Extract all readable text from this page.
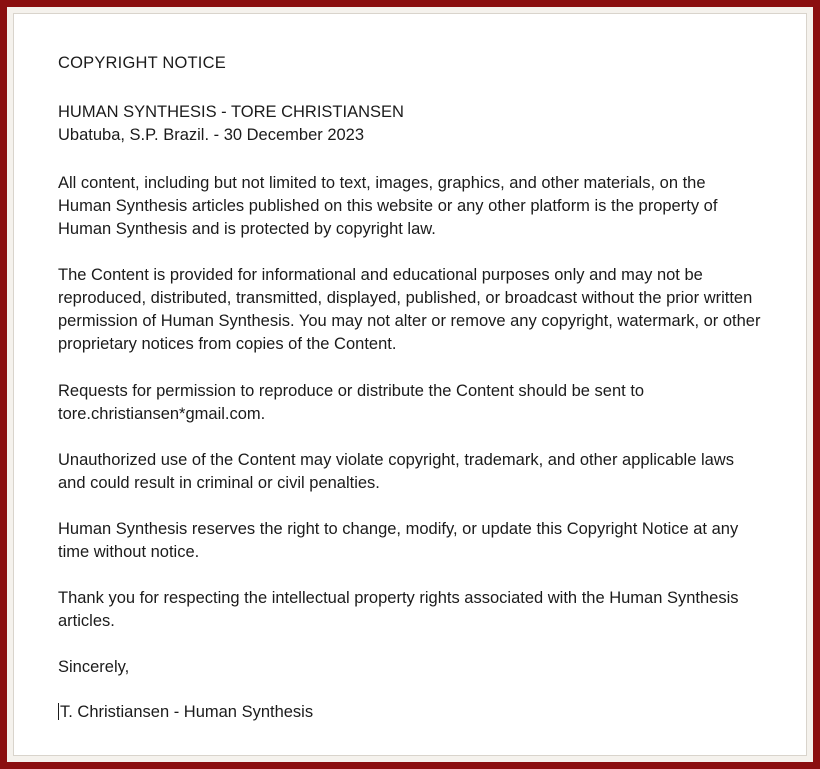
COPYRIGHT NOTICE
HUMAN SYNTHESIS - TORE CHRISTIANSEN
Ubatuba, S.P. Brazil. - 30 December 2023

All content, including but not limited to text, images, graphics, and other materials, on the Human Synthesis articles published on this website or any other platform is the property of Human Synthesis and is protected by copyright law.

The Content is provided for informational and educational purposes only and may not be reproduced, distributed, transmitted, displayed, published, or broadcast without the prior written permission of Human Synthesis. You may not alter or remove any copyright, watermark, or other proprietary notices from copies of the Content.

Requests for permission to reproduce or distribute the Content should be sent to tore.christiansen*gmail.com.

Unauthorized use of the Content may violate copyright, trademark, and other applicable laws and could result in criminal or civil penalties.

Human Synthesis reserves the right to change, modify, or update this Copyright Notice at any time without notice.

Thank you for respecting the intellectual property rights associated with the Human Synthesis articles.

Sincerely,

T. Christiansen - Human Synthesis
